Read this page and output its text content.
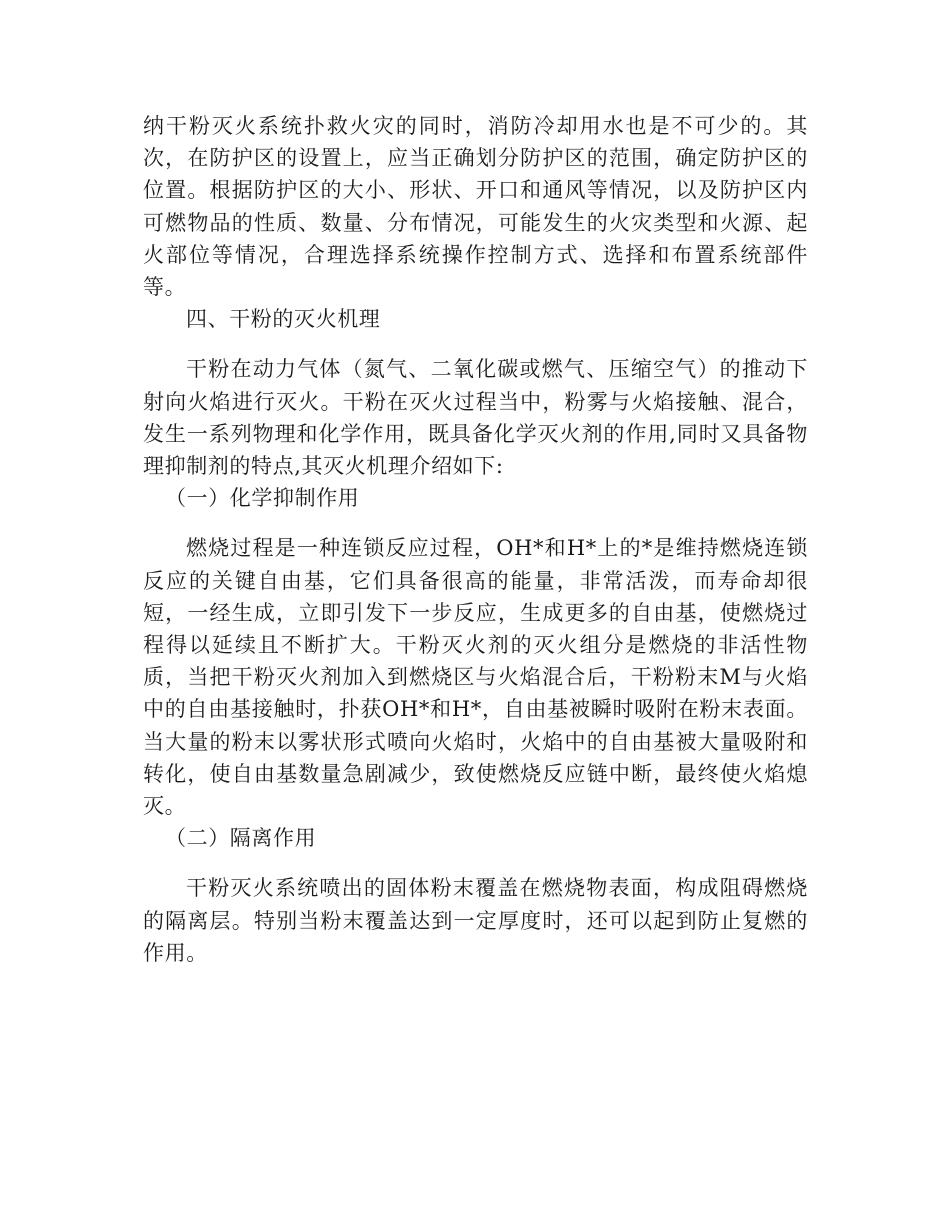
纳干粉灭火系统扑救火灾的同时，消防冷却用水也是不可少的。其次，在防护区的设置上，应当正确划分防护区的范围，确定防护区的位置。根据防护区的大小、形状、开口和通风等情况，以及防护区内可燃物品的性质、数量、分布情况，可能发生的火灾类型和火源、起火部位等情况，合理选择系统操作控制方式、选择和布置系统部件等。

四、干粉的灭火机理

干粉在动力气体（氮气、二氧化碳或燃气、压缩空气）的推动下射向火焰进行灭火。干粉在灭火过程当中，粉雾与火焰接触、混合，发生一系列物理和化学作用，既具备化学灭火剂的作用,同时又具备物理抑制剂的特点,其灭火机理介绍如下:

（一）化学抑制作用

燃烧过程是一种连锁反应过程，OH*和H*上的*是维持燃烧连锁反应的关键自由基，它们具备很高的能量，非常活泼，而寿命却很短，一经生成，立即引发下一步反应，生成更多的自由基，使燃烧过程得以延续且不断扩大。干粉灭火剂的灭火组分是燃烧的非活性物质，当把干粉灭火剂加入到燃烧区与火焰混合后，干粉粉末M与火焰中的自由基接触时，扑获OH*和H*，自由基被瞬时吸附在粉末表面。当大量的粉末以雾状形式喷向火焰时，火焰中的自由基被大量吸附和转化，使自由基数量急剧减少，致使燃烧反应链中断，最终使火焰熄灭。

（二）隔离作用

干粉灭火系统喷出的固体粉末覆盖在燃烧物表面，构成阻碍燃烧的隔离层。特别当粉末覆盖达到一定厚度时，还可以起到防止复燃的作用。
